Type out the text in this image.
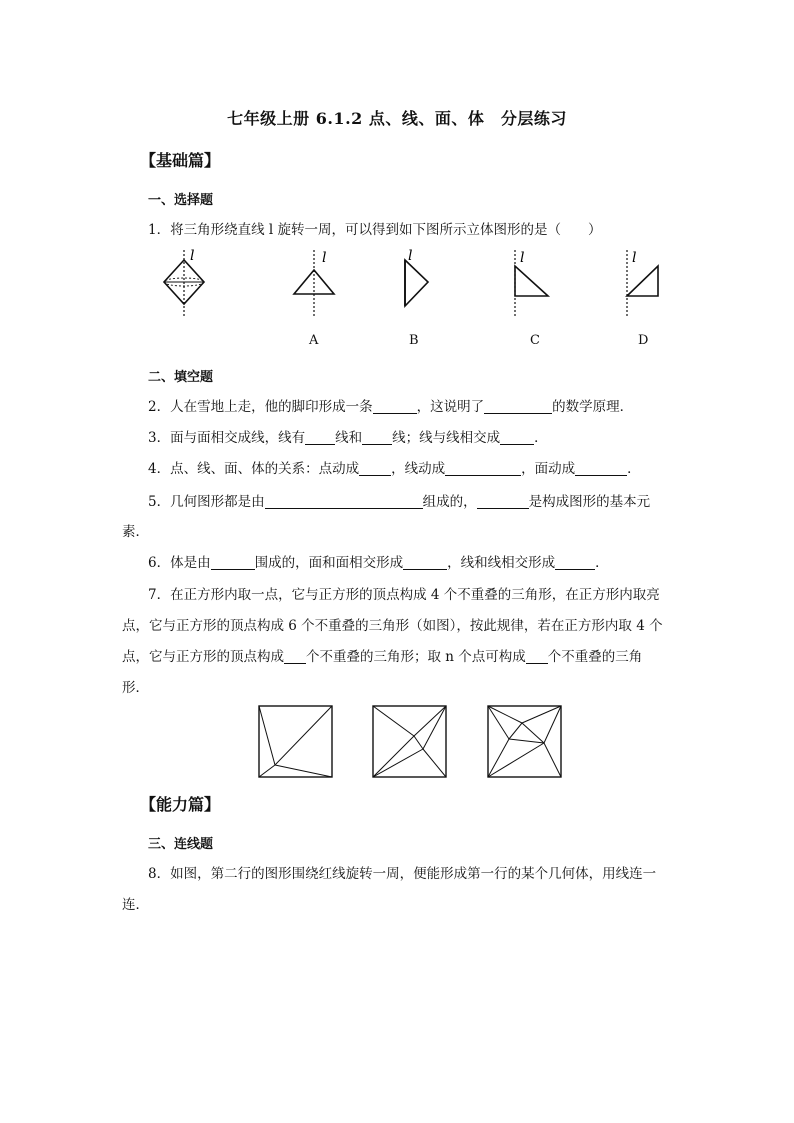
七年级上册 6.1.2 点、线、面、体　分层练习
【基础篇】
一、选择题
1．将三角形绕直线 l 旋转一周，可以得到如下图所示立体图形的是（　　）
l	l	l	l	l
A	B	C	D
二、填空题
2．人在雪地上走，他的脚印形成一条	，这说明了	的数学原理．
3．面与面相交成线，线有 线和 线；线与线相交成	．
4．点、线、面、体的关系：点动成 ，线动成	，面动成	．
5．几何图形都是由	组成的，	是构成图形的基本元
素．
6．体是由	围成的，面和面相交形成	，线和线相交形成	．
7．在正方形内取一点，它与正方形的顶点构成 4 个不重叠的三角形，在正方形内取亮
点，它与正方形的顶点构成 6 个不重叠的三角形（如图），按此规律，若在正方形内取 4 个
点，它与正方形的顶点构成 个不重叠的三角形；取 n 个点可构成 个不重叠的三角
形．
【能力篇】
三、连线题
8．如图，第二行的图形围绕红线旋转一周，便能形成第一行的某个几何体，用线连一
连．
